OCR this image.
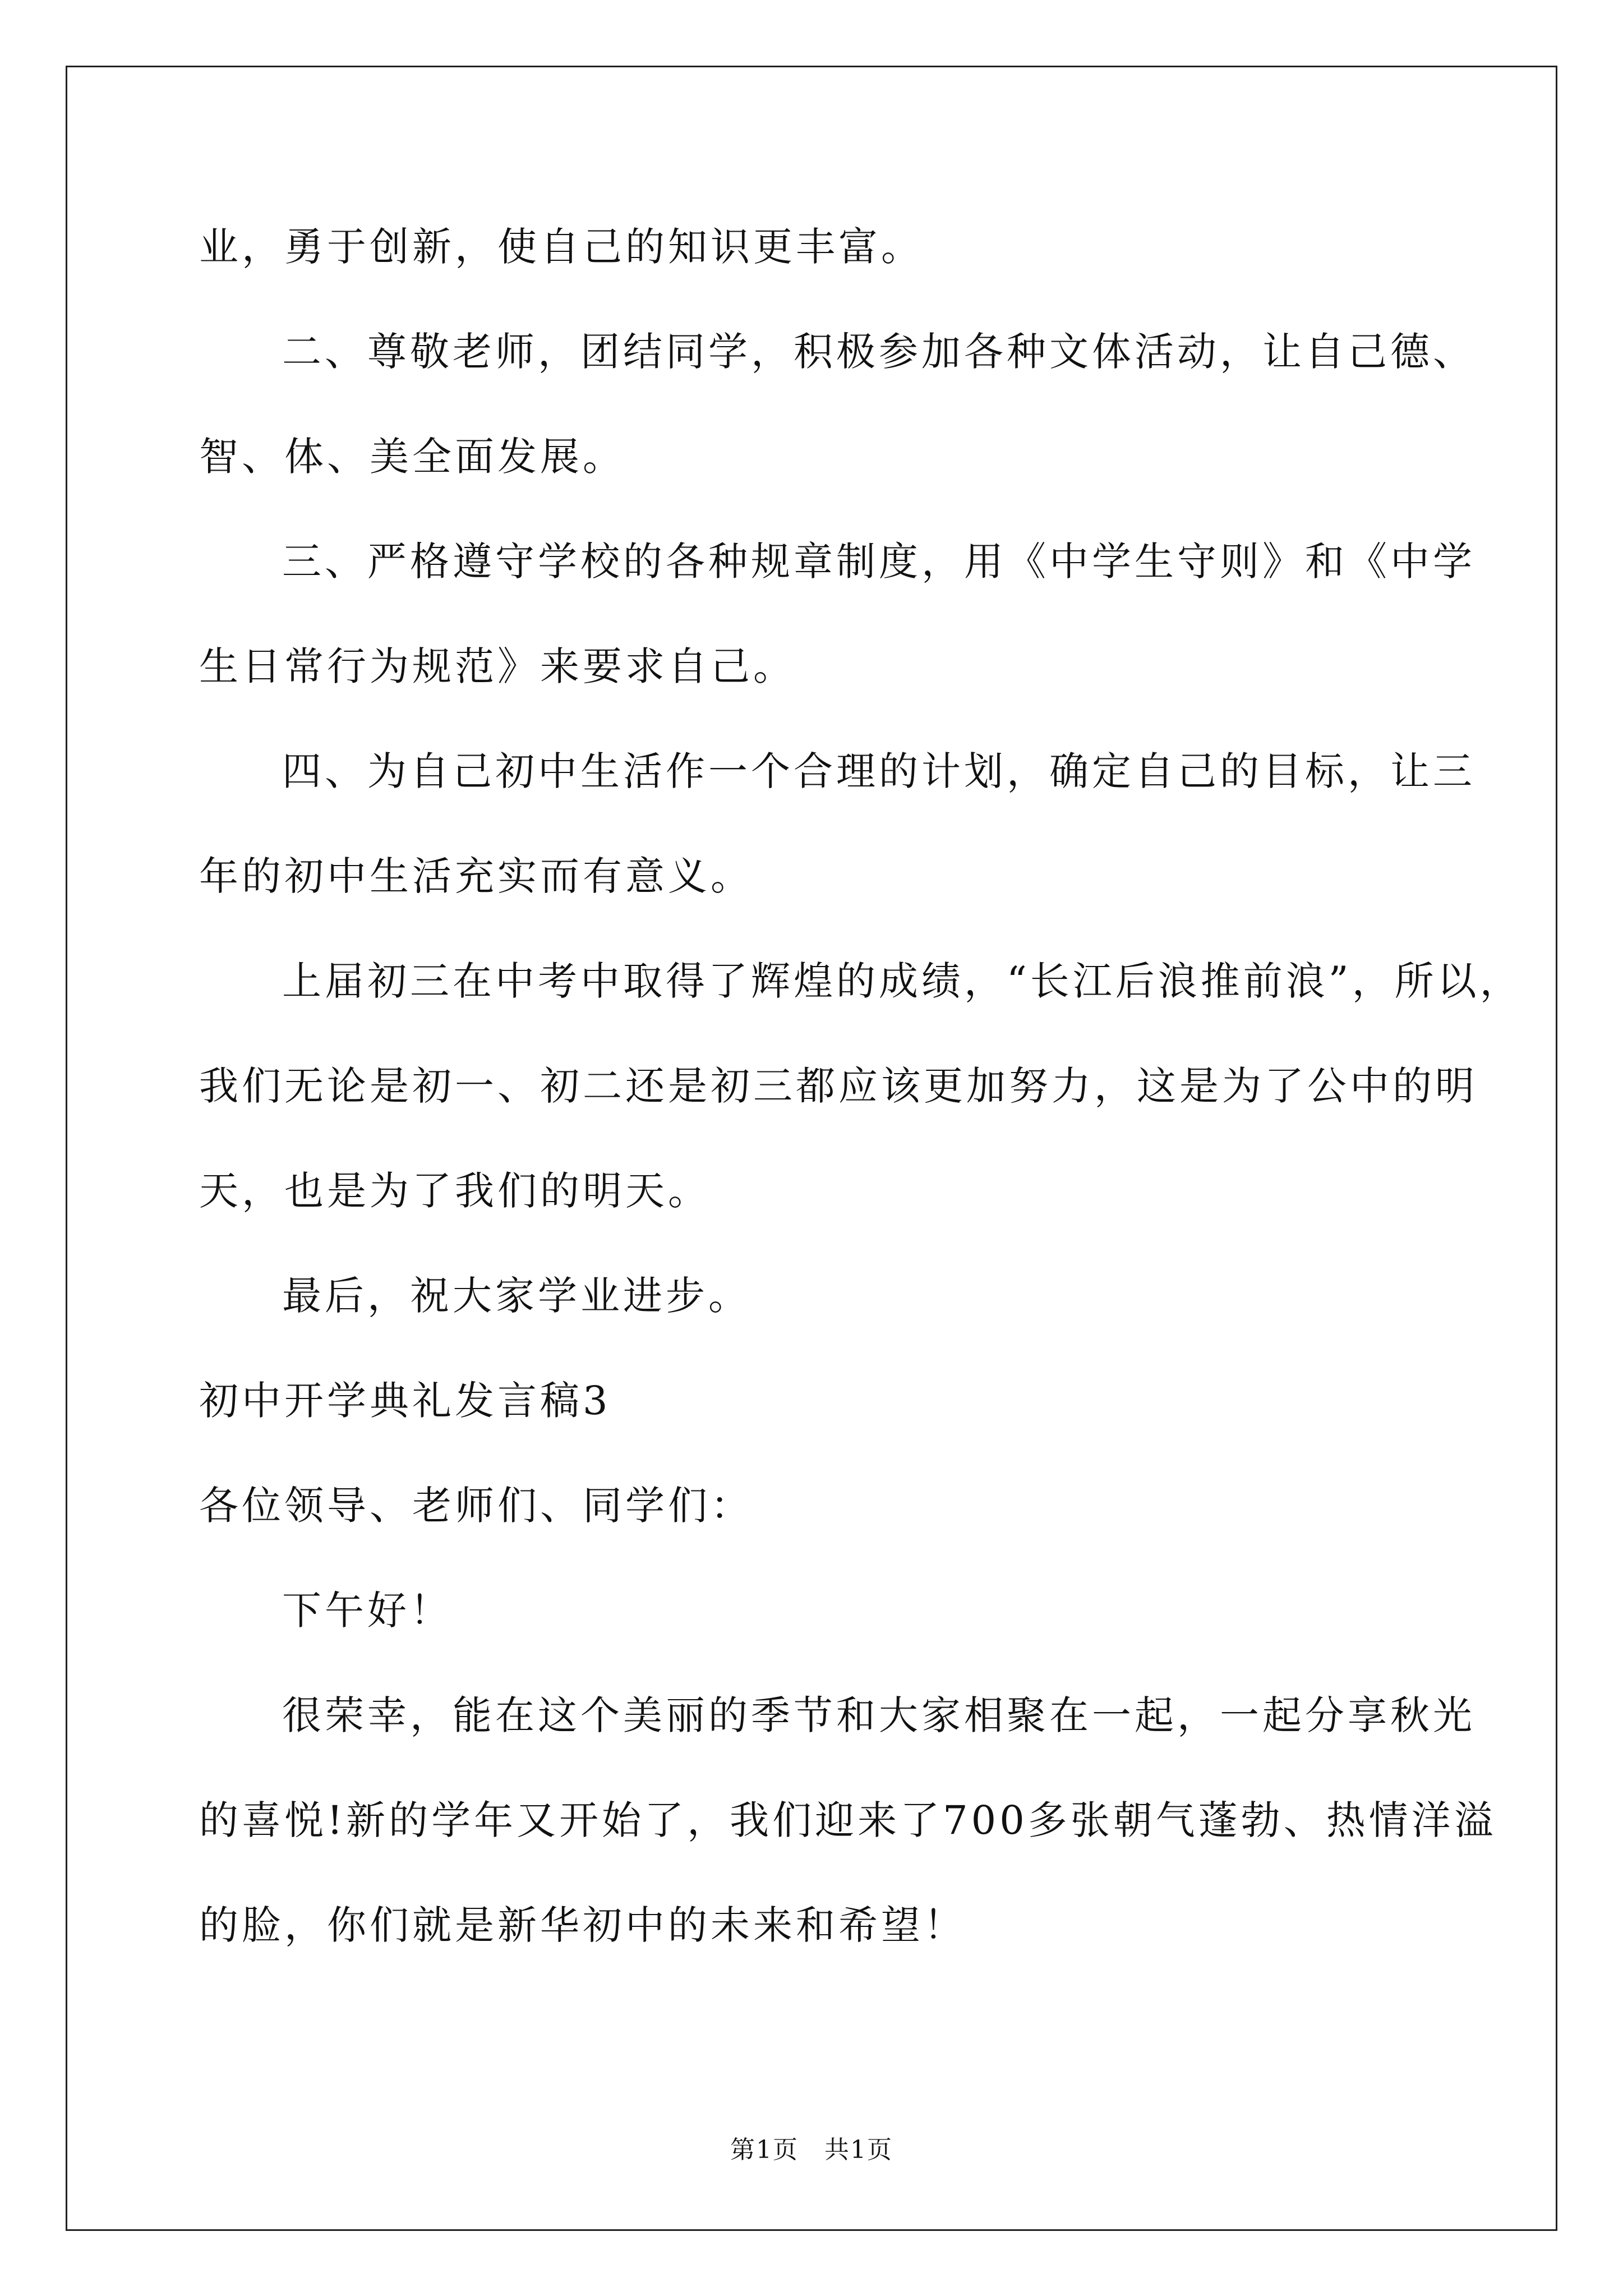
业，勇于创新，使自己的知识更丰富。
二、尊敬老师，团结同学，积极参加各种文体活动，让自己德、
智、体、美全面发展。
三、严格遵守学校的各种规章制度，用《中学生守则》和《中学
生日常行为规范》来要求自己。
四、为自己初中生活作一个合理的计划，确定自己的目标，让三
年的初中生活充实而有意义。
上届初三在中考中取得了辉煌的成绩，“长江后浪推前浪”，所以，
我们无论是初一、初二还是初三都应该更加努力，这是为了公中的明
天，也是为了我们的明天。
最后，祝大家学业进步。
初中开学典礼发言稿3
各位领导、老师们、同学们：
下午好！
很荣幸，能在这个美丽的季节和大家相聚在一起，一起分享秋光
的喜悦!新的学年又开始了，我们迎来了700多张朝气蓬勃、热情洋溢
的脸，你们就是新华初中的未来和希望！
第1页　共1页
